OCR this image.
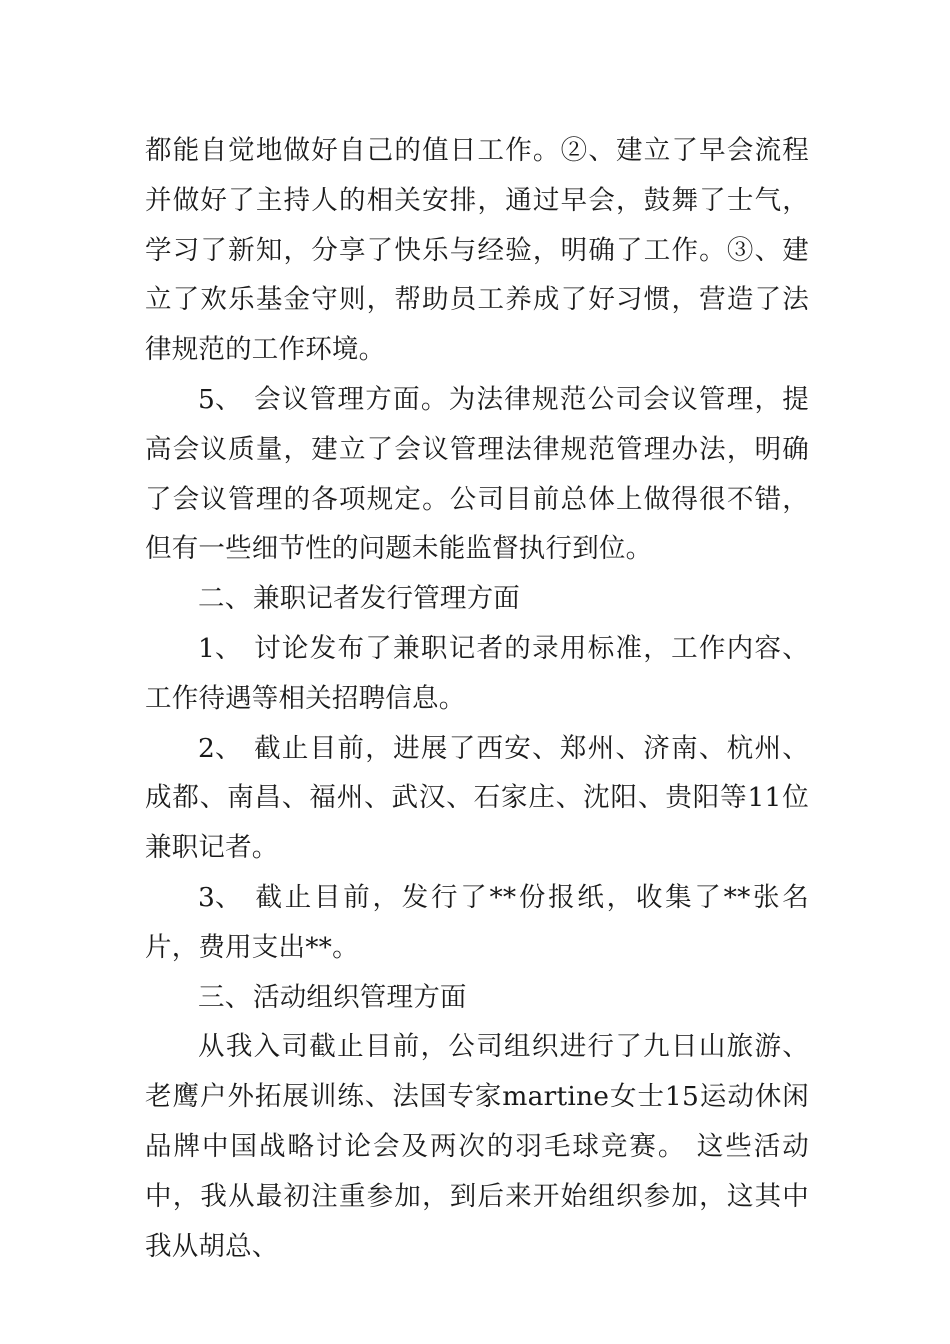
都能自觉地做好自己的值日工作。②、建立了早会流程并做好了主持人的相关安排，通过早会，鼓舞了士气，学习了新知，分享了快乐与经验，明确了工作。③、建立了欢乐基金守则，帮助员工养成了好习惯，营造了法律规范的工作环境。

5、 会议管理方面。为法律规范公司会议管理，提高会议质量，建立了会议管理法律规范管理办法，明确了会议管理的各项规定。公司目前总体上做得很不错，但有一些细节性的问题未能监督执行到位。

二、兼职记者发行管理方面

1、 讨论发布了兼职记者的录用标准，工作内容、工作待遇等相关招聘信息。

2、 截止目前，进展了西安、郑州、济南、杭州、成都、南昌、福州、武汉、石家庄、沈阳、贵阳等11位兼职记者。

3、 截止目前，发行了**份报纸，收集了**张名片，费用支出**。

三、活动组织管理方面

从我入司截止目前，公司组织进行了九日山旅游、老鹰户外拓展训练、法国专家martine女士15运动休闲品牌中国战略讨论会及两次的羽毛球竞赛。 这些活动中，我从最初注重参加，到后来开始组织参加，这其中我从胡总、
